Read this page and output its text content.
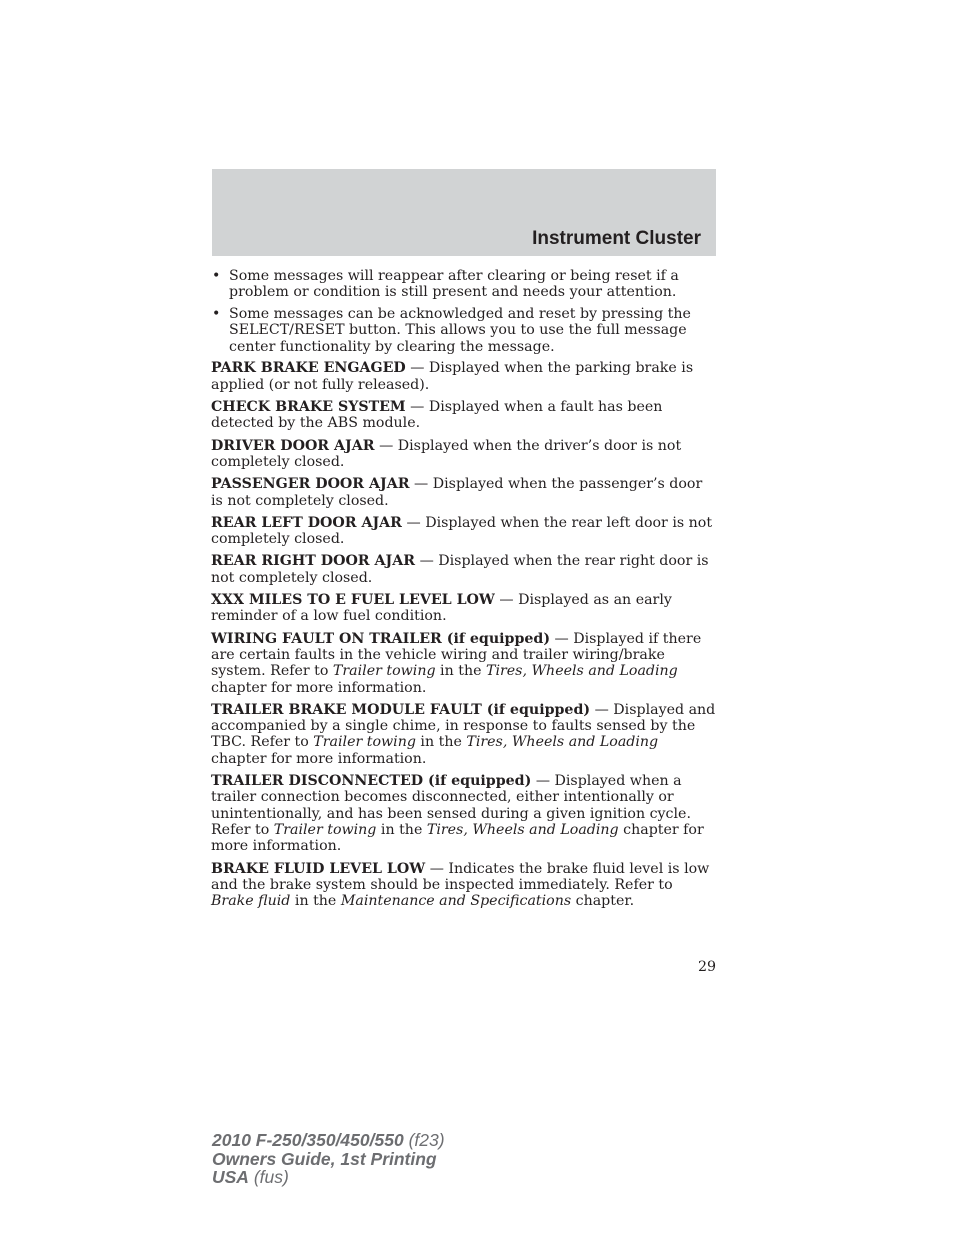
Instrument Cluster
• Some messages will reappear after clearing or being reset if a problem or condition is still present and needs your attention.
• Some messages can be acknowledged and reset by pressing the SELECT/RESET button. This allows you to use the full message center functionality by clearing the message.

PARK BRAKE ENGAGED — Displayed when the parking brake is applied (or not fully released).

CHECK BRAKE SYSTEM — Displayed when a fault has been detected by the ABS module.

DRIVER DOOR AJAR — Displayed when the driver’s door is not completely closed.

PASSENGER DOOR AJAR — Displayed when the passenger’s door is not completely closed.

REAR LEFT DOOR AJAR — Displayed when the rear left door is not completely closed.

REAR RIGHT DOOR AJAR — Displayed when the rear right door is not completely closed.

XXX MILES TO E FUEL LEVEL LOW — Displayed as an early reminder of a low fuel condition.

WIRING FAULT ON TRAILER (if equipped) — Displayed if there are certain faults in the vehicle wiring and trailer wiring/brake system. Refer to Trailer towing in the Tires, Wheels and Loading chapter for more information.

TRAILER BRAKE MODULE FAULT (if equipped) — Displayed and accompanied by a single chime, in response to faults sensed by the TBC. Refer to Trailer towing in the Tires, Wheels and Loading chapter for more information.

TRAILER DISCONNECTED (if equipped) — Displayed when a trailer connection becomes disconnected, either intentionally or unintentionally, and has been sensed during a given ignition cycle. Refer to Trailer towing in the Tires, Wheels and Loading chapter for more information.

BRAKE FLUID LEVEL LOW — Indicates the brake fluid level is low and the brake system should be inspected immediately. Refer to Brake fluid in the Maintenance and Specifications chapter.

29
2010 F-250/350/450/550 (f23)
Owners Guide, 1st Printing
USA (fus)
